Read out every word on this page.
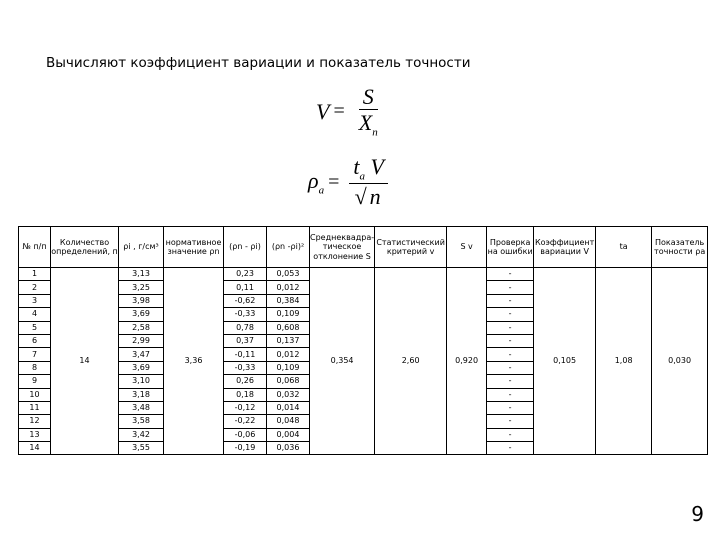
Вычисляют коэффициент вариации и показатель точности
$V = \frac{S}{X_n}$
$\rho_a = \frac{t_a V}{√ n}$
№ п/п	Количество определений, п	ρi , г/см³	нормативное значение ρn	(ρn - ρi)	(ρn -ρi)²	Среднеквадра-тическое отклонение S	Статистический критерий v	S v	Проверка на ошибки	Коэффициент вариации V	ta	Показатель точности ρa
1	14	3,13	3,36	0,23	0,053	0,354	2,60	0,920	-	0,105	1,08	0,030
2		3,25		0,11	0,012				-			
3		3,98		-0,62	0,384				-			
4		3,69		-0,33	0,109				-			
5		2,58		0,78	0,608				-			
6		2,99		0,37	0,137				-			
7		3,47		-0,11	0,012				-			
8		3,69		-0,33	0,109				-			
9		3,10		0,26	0,068				-			
10		3,18		0,18	0,032				-			
11		3,48		-0,12	0,014				-			
12		3,58		-0,22	0,048				-			
13		3,42		-0,06	0,004				-			
14		3,55		-0,19	0,036				-			
9
